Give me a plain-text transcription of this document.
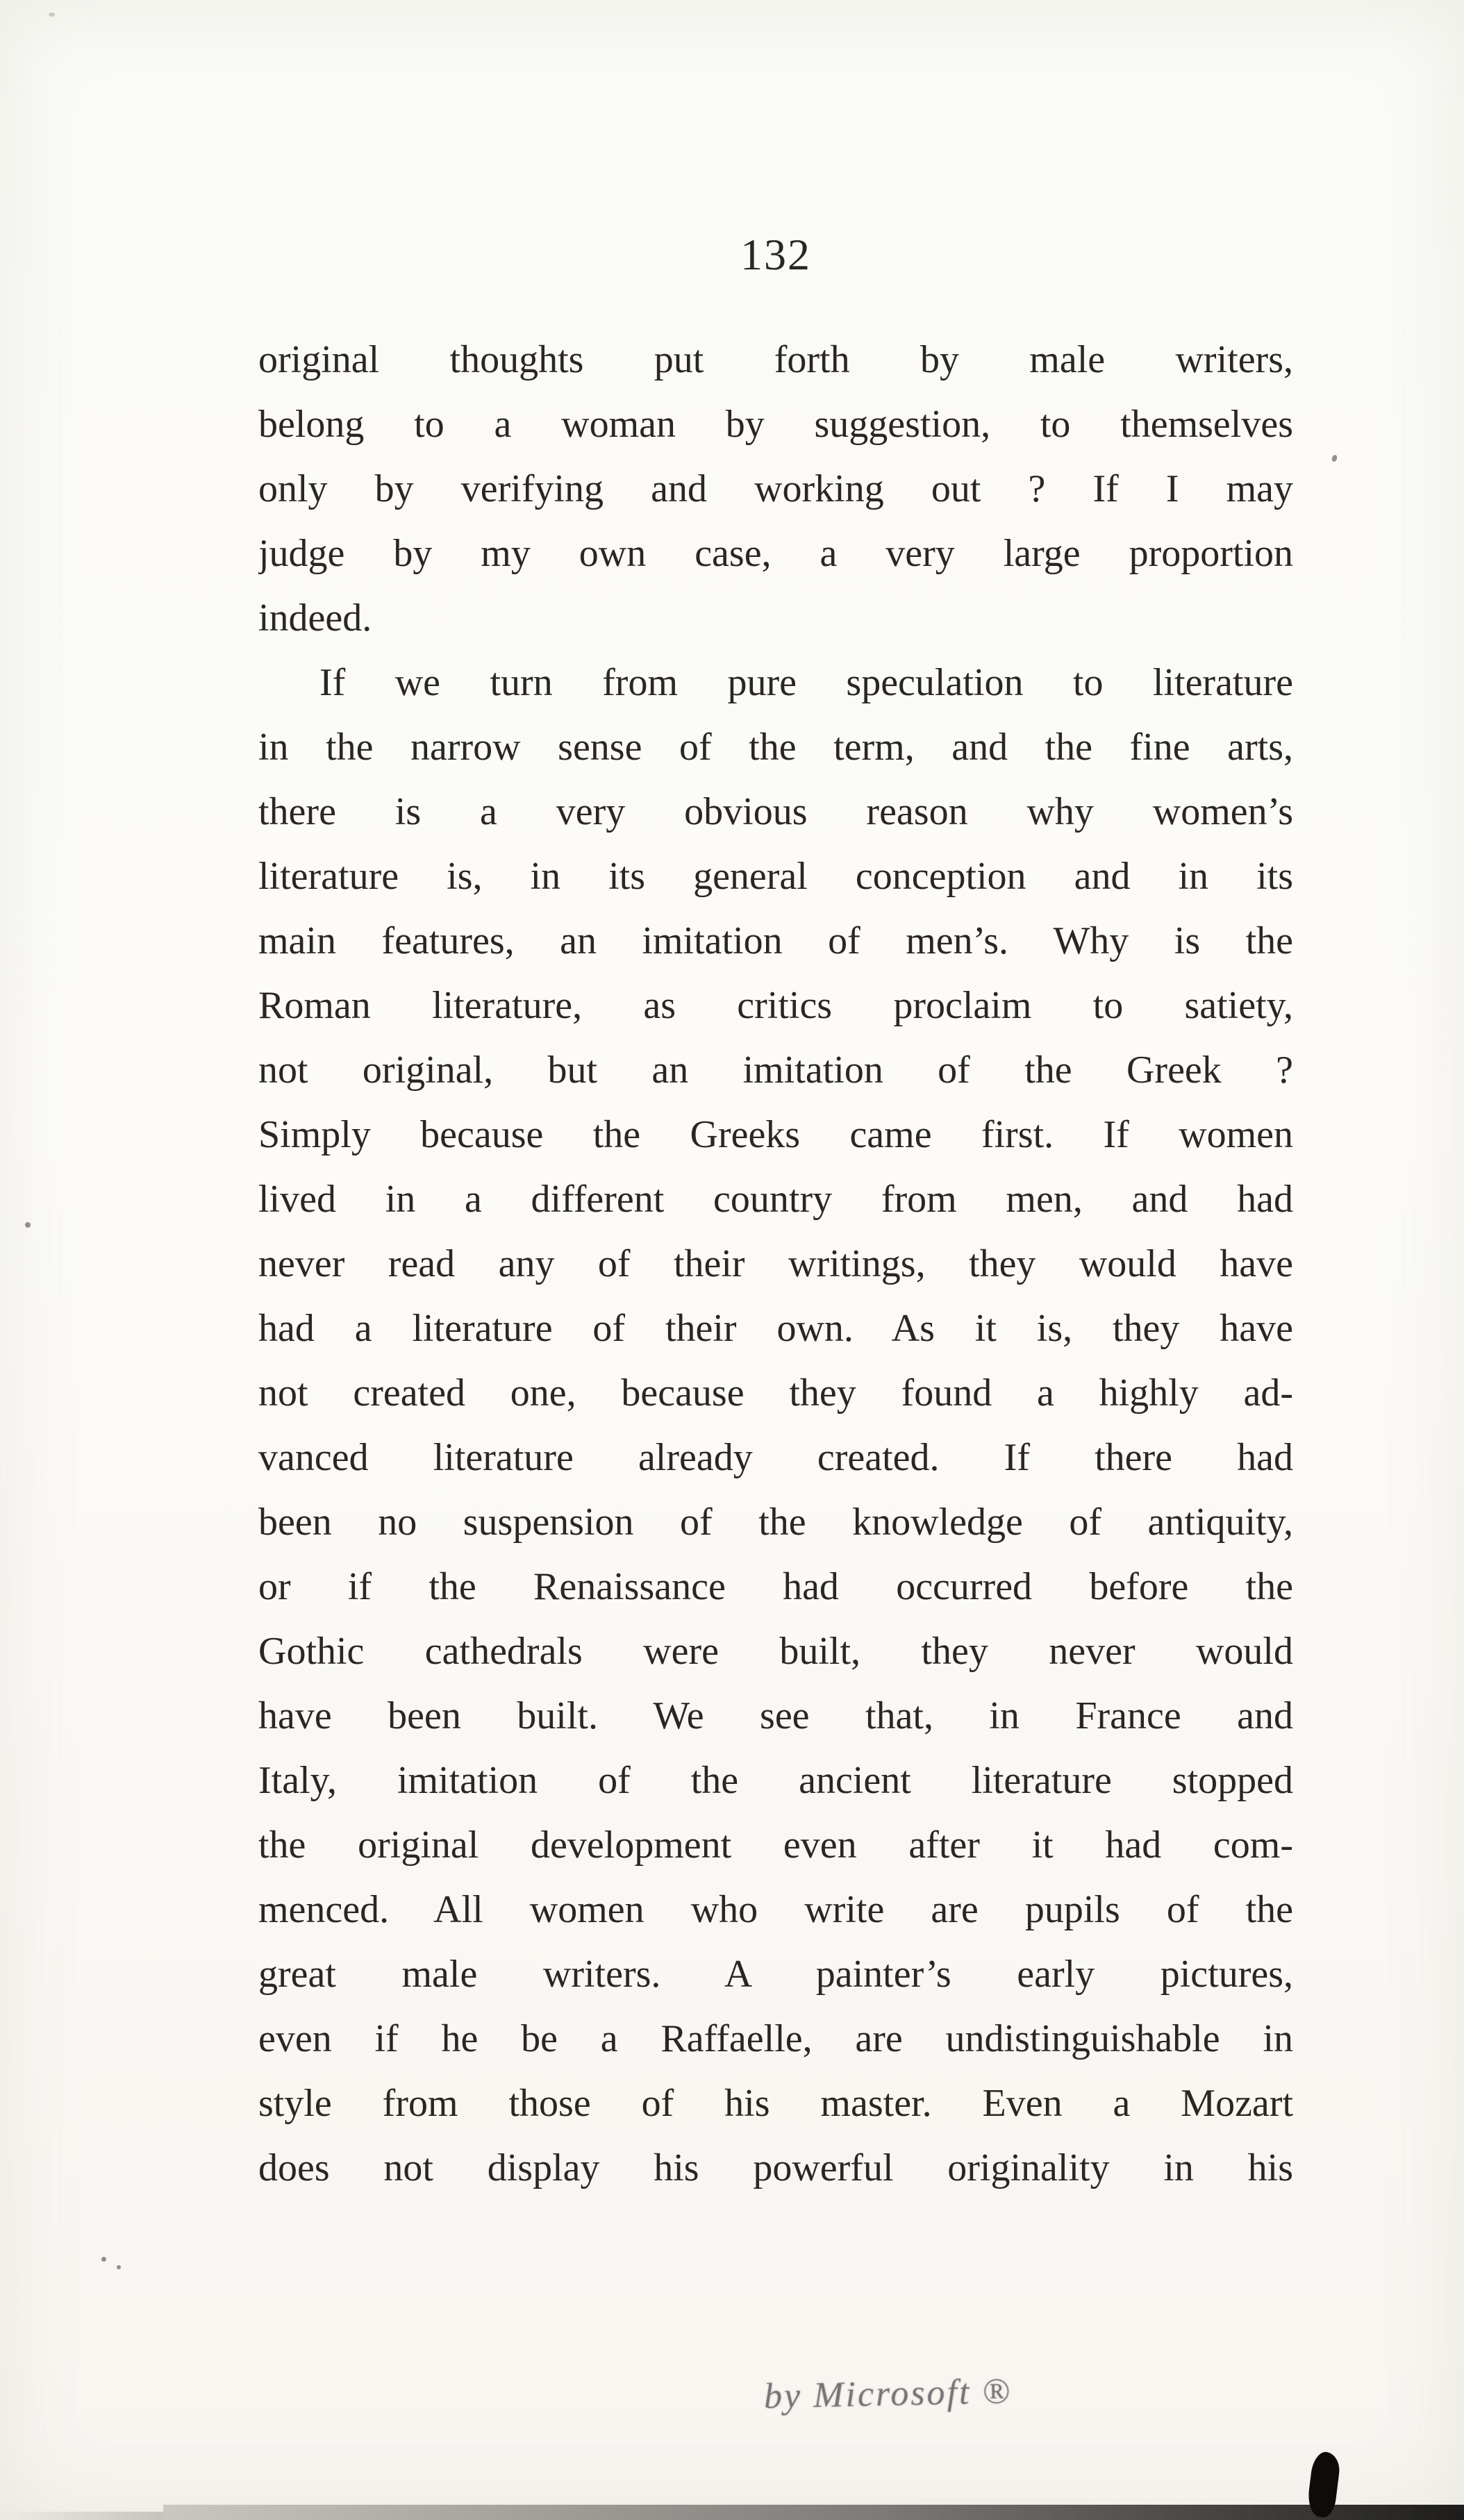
132
original thoughts put forth by male writers,
belong to a woman by suggestion, to themselves
only by verifying and working out ? If I may
judge by my own case, a very large proportion
indeed.
If we turn from pure speculation to literature
in the narrow sense of the term, and the fine arts,
there is a very obvious reason why women’s
literature is, in its general conception and in its
main features, an imitation of men’s. Why is the
Roman literature, as critics proclaim to satiety,
not original, but an imitation of the Greek ?
Simply because the Greeks came first. If women
lived in a different country from men, and had
never read any of their writings, they would have
had a literature of their own. As it is, they have
not created one, because they found a highly ad-
vanced literature already created. If there had
been no suspension of the knowledge of antiquity,
or if the Renaissance had occurred before the
Gothic cathedrals were built, they never would
have been built. We see that, in France and
Italy, imitation of the ancient literature stopped
the original development even after it had com-
menced. All women who write are pupils of the
great male writers. A painter’s early pictures,
even if he be a Raffaelle, are undistinguishable in
style from those of his master. Even a Mozart
does not display his powerful originality in his
by Microsoft ®
